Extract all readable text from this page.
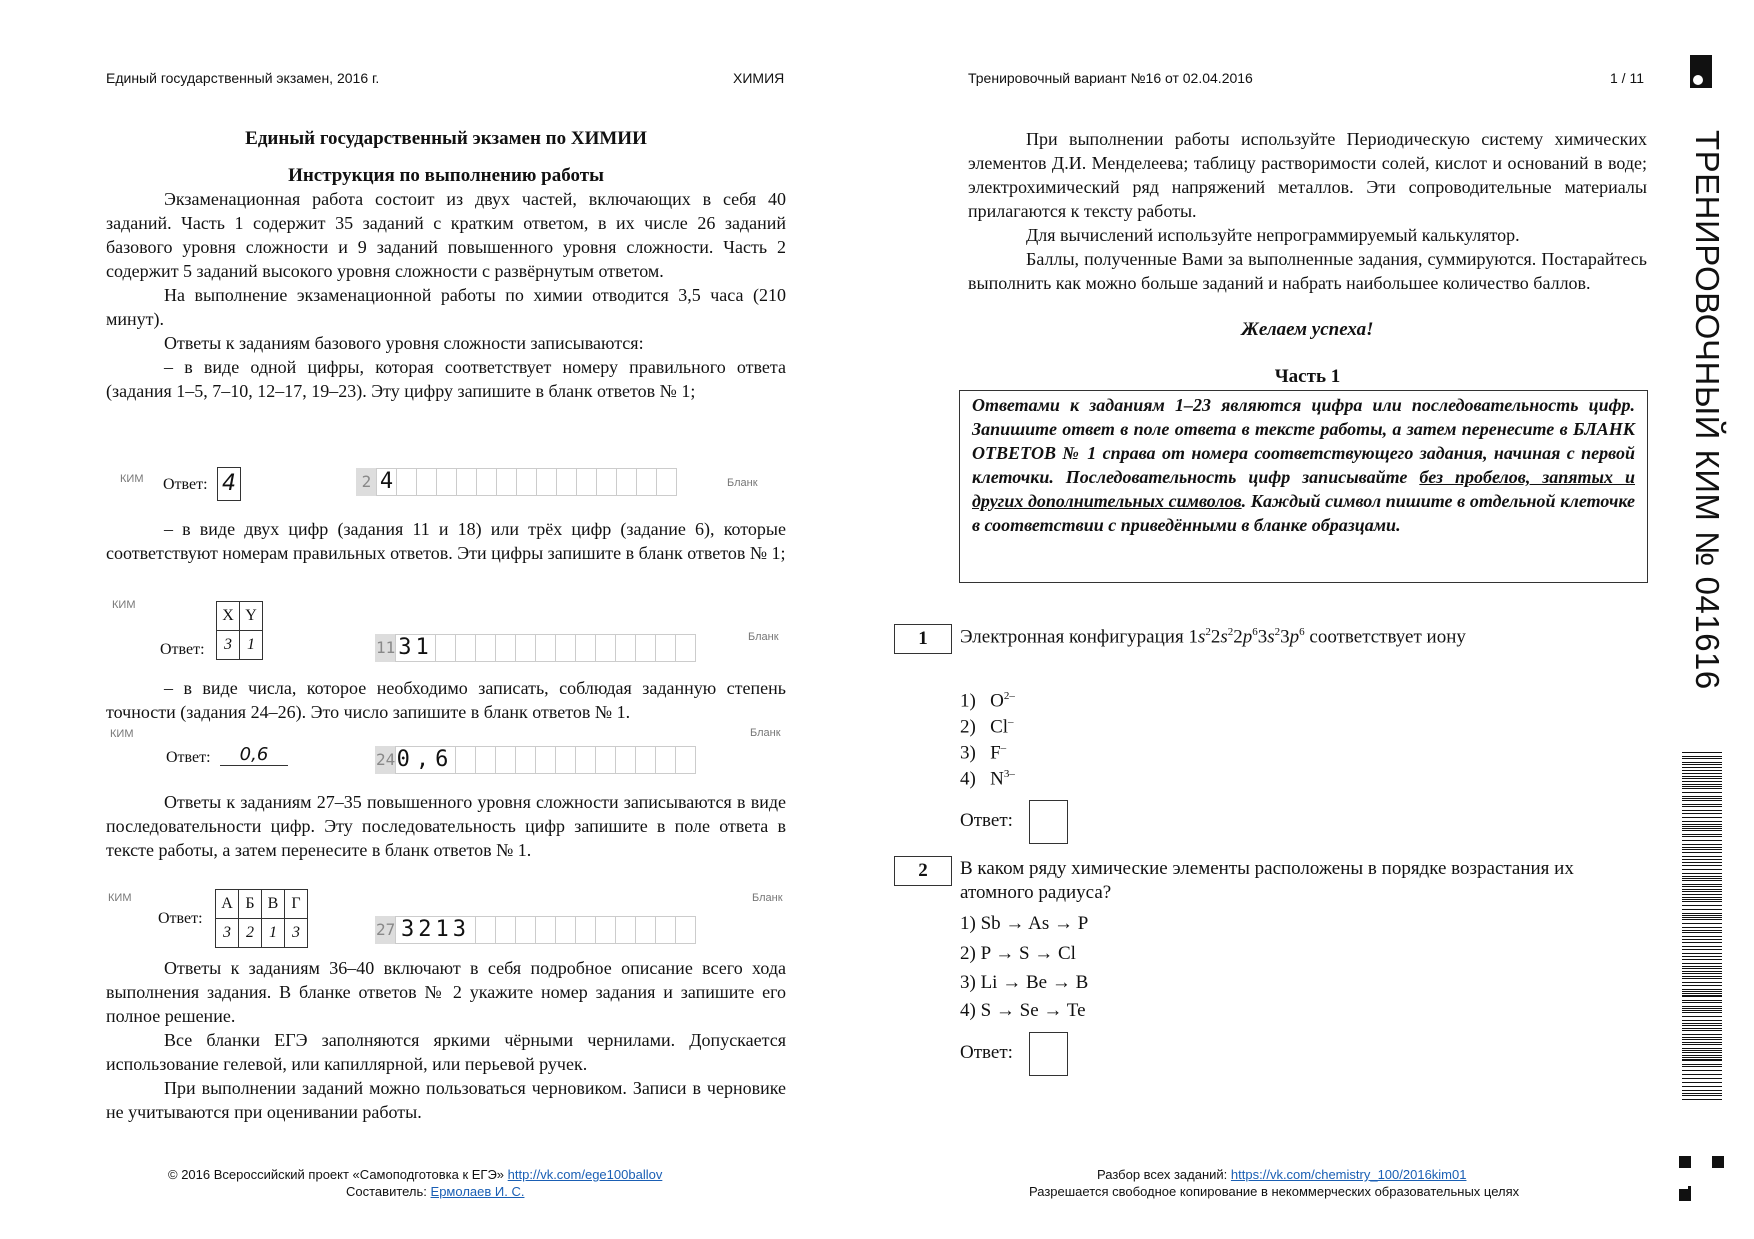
Единый государственный экзамен, 2016 г.	ХИМИЯ	Тренировочный вариант №16 от 02.04.2016	1 / 11
ТРЕНИРОВОЧНЫЙ КИМ № 041616
Единый государственный экзамен по ХИМИИ
Инструкция по выполнению работы

Экзаменационная работа состоит из двух частей, включающих в себя 40 заданий. Часть 1 содержит 35 заданий с кратким ответом, в их числе 26 заданий базового уровня сложности и 9 заданий повышенного уровня сложности. Часть 2 содержит 5 заданий высокого уровня сложности с развёрнутым ответом.

На выполнение экзаменационной работы по химии отводится 3,5 часа (210 минут).

Ответы к заданиям базового уровня сложности записываются:

– в виде одной цифры, которая соответствует номеру правильного ответа (задания 1–5, 7–10, 12–17, 19–23). Эту цифру запишите в бланк ответов № 1;

КИМ Ответ: 4	2 4	Бланк

– в виде двух цифр (задания 11 и 18) или трёх цифр (задание 6), которые соответствуют номерам правильных ответов. Эти цифры запишите в бланк ответов № 1;

КИМ
X	Y
3	1
Ответ:	11 31	Бланк

– в виде числа, которое необходимо записать, соблюдая заданную степень точности (задания 24–26). Это число запишите в бланк ответов № 1.

КИМ
Ответ:	0,6	24 0,6
Бланк

Ответы к заданиям 27–35 повышенного уровня сложности записываются в виде последовательности цифр. Эту последовательность цифр запишите в поле ответа в тексте работы, а затем перенесите в бланк ответов № 1.

КИМ	А	Б	В	Г
3	2	1	3
Ответ:
27 3213
Бланк

Ответы к заданиям 36–40 включают в себя подробное описание всего хода выполнения задания. В бланке ответов № 2 укажите номер задания и запишите его полное решение.

Все бланки ЕГЭ заполняются яркими чёрными чернилами. Допускается использование гелевой, или капиллярной, или перьевой ручек.

При выполнении заданий можно пользоваться черновиком. Записи в черновике не учитываются при оценивании работы.

При выполнении работы используйте Периодическую систему химических элементов Д.И. Менделеева; таблицу растворимости солей, кислот и оснований в воде; электрохимический ряд напряжений металлов. Эти сопроводительные материалы прилагаются к тексту работы.

Для вычислений используйте непрограммируемый калькулятор.

Баллы, полученные Вами за выполненные задания, суммируются. Постарайтесь выполнить как можно больше заданий и набрать наибольшее количество баллов.

Желаем успеха!
Часть 1

Ответами к заданиям 1–23 являются цифра или последовательность цифр. Запишите ответ в поле ответа в тексте работы, а затем перенесите в БЛАНК ОТВЕТОВ № 1 справа от номера соответствующего задания, начиная с первой клеточки. Последовательность цифр записывайте без пробелов, запятых и других дополнительных символов. Каждый символ пишите в отдельной клеточке в соответствии с приведёнными в бланке образцами.

1	Электронная конфигурация $1s^22s^22p^63s^23p^6$ соответствует иону
1)   $O^{2-}$
2)   Cl–
3)   F–
4)   $N^{3-}$
Ответ:
2	В каком ряду химические элементы расположены в порядке возрастания их атомного радиуса?
1) Sb → As → P
2) P → S → Cl
3) Li → Be → B
4) S → Se → Te
Ответ:
© 2016 Всероссийский проект «Самоподготовка к ЕГЭ» http://vk.com/ege100ballov
Составитель: Ермолаев И. С.
Разбор всех заданий: https://vk.com/chemistry_100/2016kim01
Разрешается свободное копирование в некоммерческих образовательных целях
